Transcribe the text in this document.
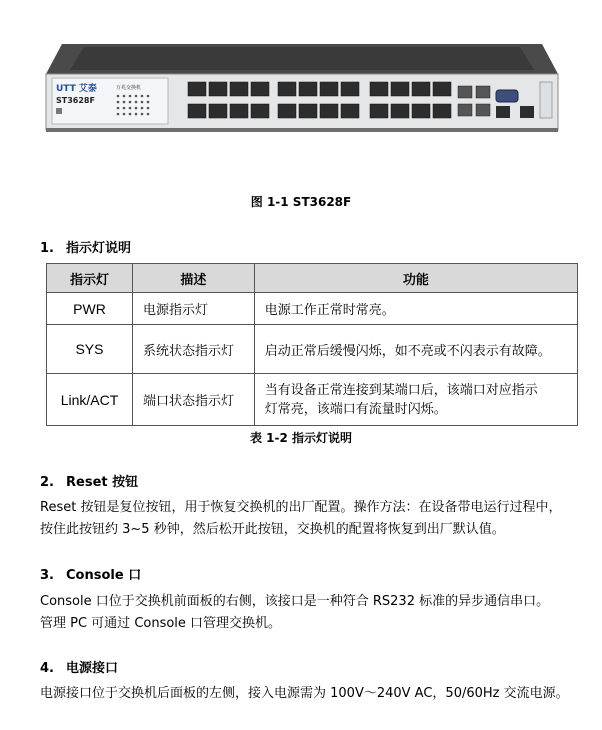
UTT 艾泰	万兆交换机
ST3628F
图 1-1 ST3628F
1. 指示灯说明
指示灯	描述	功能
PWR	电源指示灯	电源工作正常时常亮。
SYS	系统状态指示灯	启动正常后缓慢闪烁，如不亮或不闪表示有故障。
Link/ACT	端口状态指示灯	当有设备正常连接到某端口后，该端口对应指示
灯常亮，该端口有流量时闪烁。
表 1-2 指示灯说明
2. Reset 按钮
Reset 按钮是复位按钮，用于恢复交换机的出厂配置。操作方法：在设备带电运行过程中，
按住此按钮约 3~5 秒钟，然后松开此按钮，交换机的配置将恢复到出厂默认值。
3. Console 口
Console 口位于交换机前面板的右侧，该接口是一种符合 RS232 标准的异步通信串口。
管理 PC 可通过 Console 口管理交换机。
4. 电源接口
电源接口位于交换机后面板的左侧，接入电源需为 100V～240V AC，50/60Hz 交流电源。
